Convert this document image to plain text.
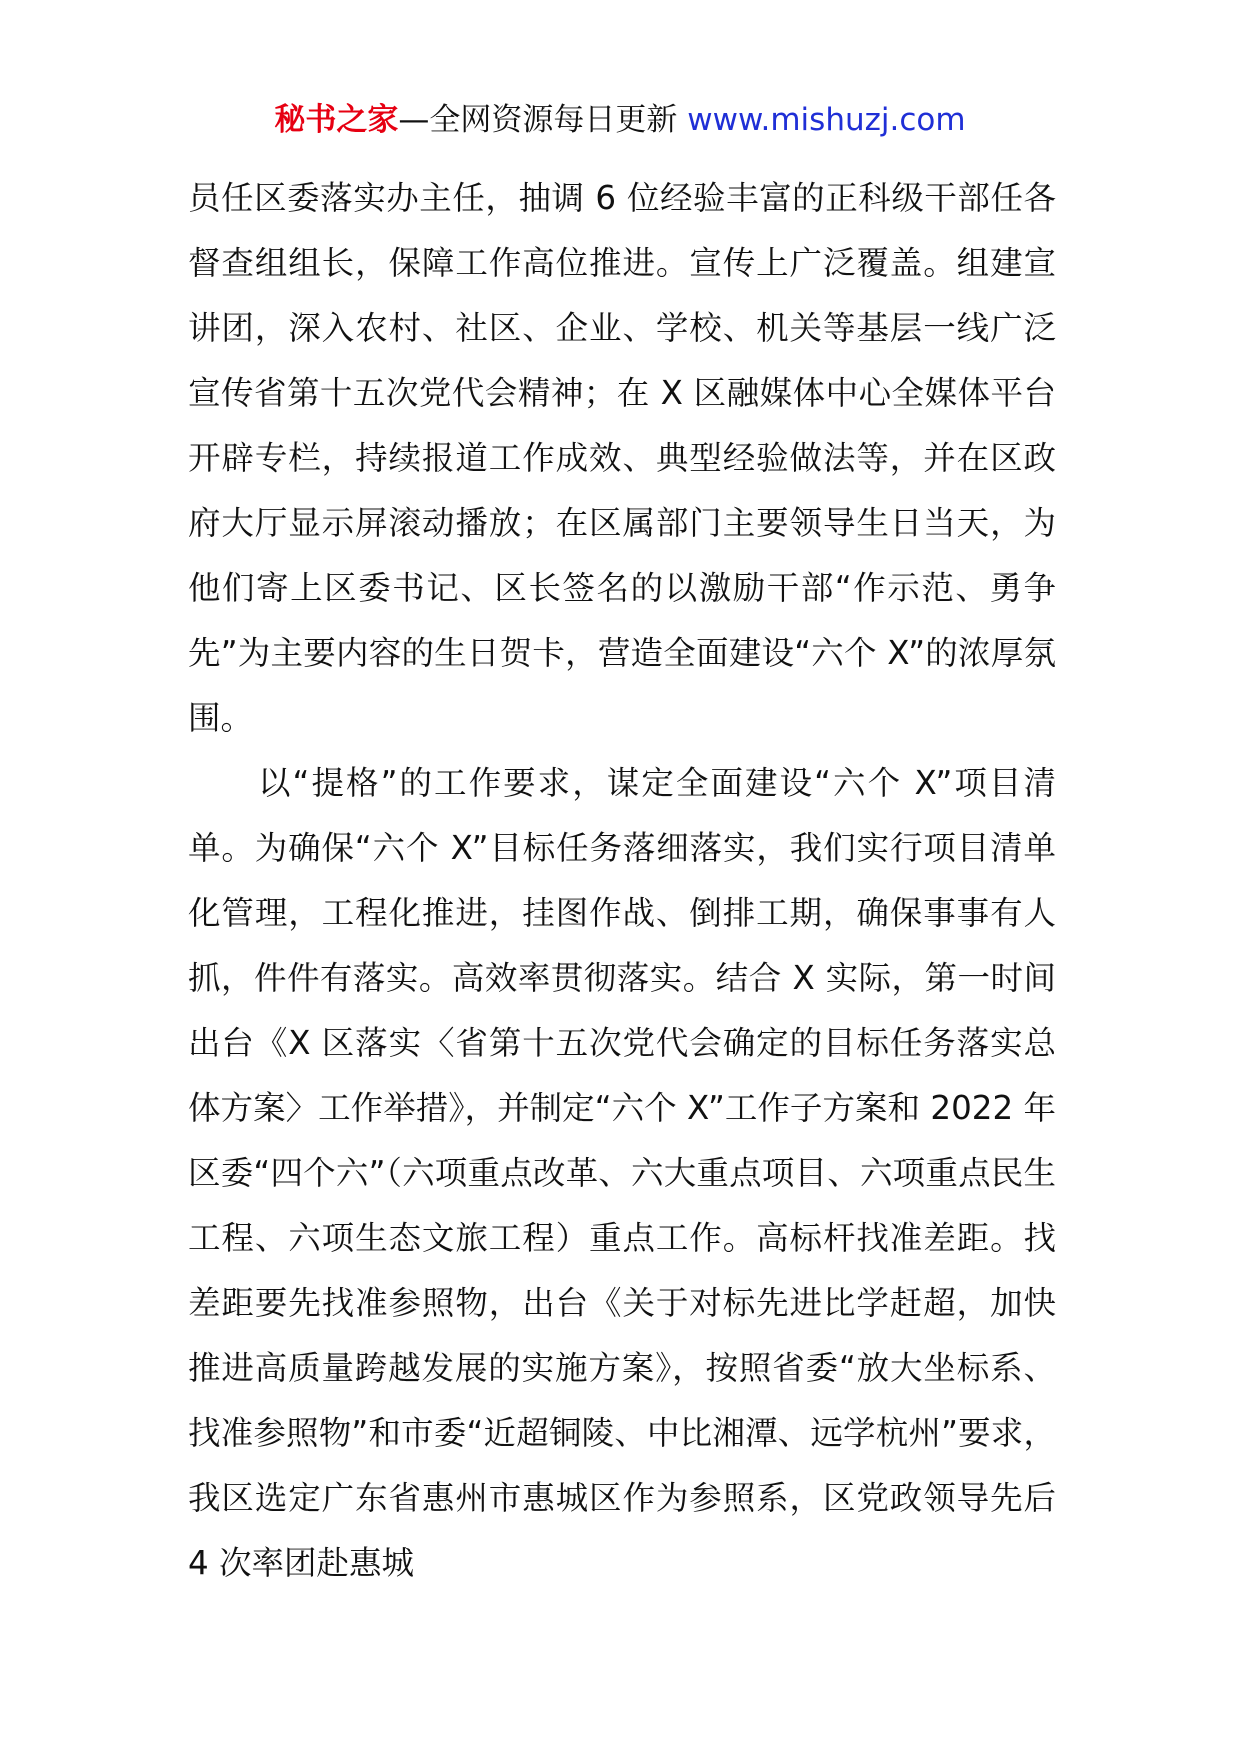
秘书之家—全网资源每日更新 www.mishuzj.com

员任区委落实办主任，抽调 6 位经验丰富的正科级干部任各督查组组长，保障工作高位推进。宣传上广泛覆盖。组建宣讲团，深入农村、社区、企业、学校、机关等基层一线广泛宣传省第十五次党代会精神；在 X 区融媒体中心全媒体平台开辟专栏，持续报道工作成效、典型经验做法等，并在区政府大厅显示屏滚动播放；在区属部门主要领导生日当天，为他们寄上区委书记、区长签名的以激励干部“作示范、勇争先”为主要内容的生日贺卡，营造全面建设“六个 X”的浓厚氛围。

以“提格”的工作要求，谋定全面建设“六个 X”项目清单。为确保“六个 X”目标任务落细落实，我们实行项目清单化管理，工程化推进，挂图作战、倒排工期，确保事事有人抓，件件有落实。高效率贯彻落实。结合 X 实际，第一时间出台《X 区落实〈省第十五次党代会确定的目标任务落实总体方案〉工作举措》，并制定“六个 X”工作子方案和 2022 年区委“四个六”（六项重点改革、六大重点项目、六项重点民生工程、六项生态文旅工程）重点工作。高标杆找准差距。找差距要先找准参照物，出台《关于对标先进比学赶超，加快推进高质量跨越发展的实施方案》，按照省委“放大坐标系、找准参照物”和市委“近超铜陵、中比湘潭、远学杭州”要求，我区选定广东省惠州市惠城区作为参照系，区党政领导先后 4 次率团赴惠城
